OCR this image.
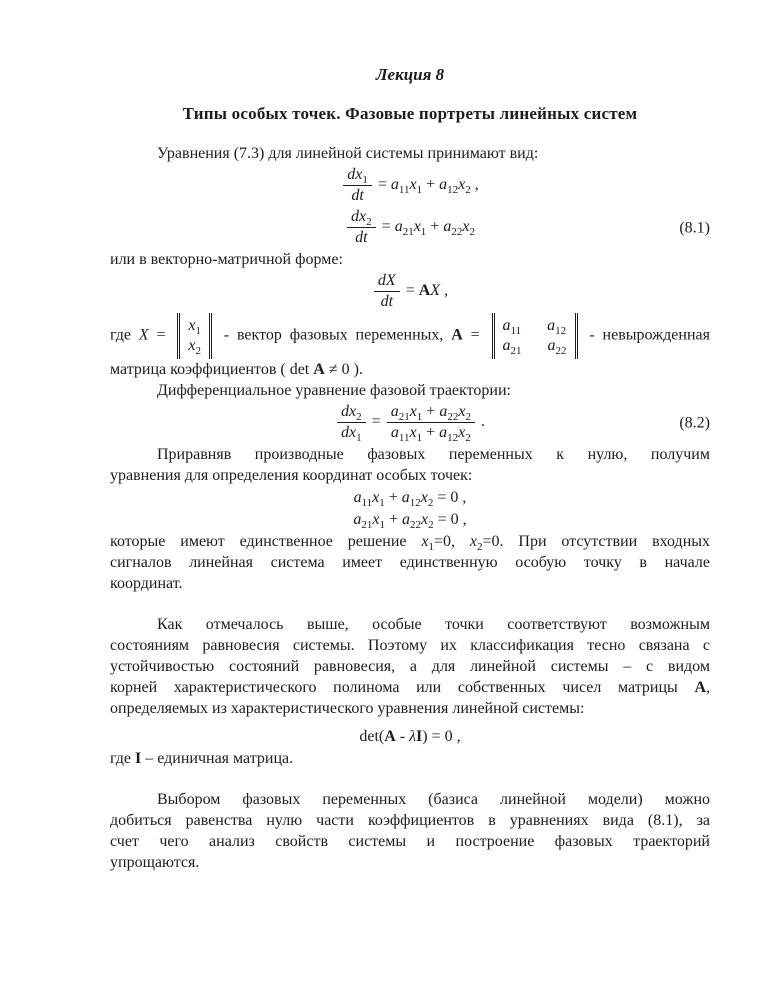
Лекция 8
Типы особых точек. Фазовые портреты линейных систем
Уравнения (7.3) для линейной системы принимают вид:
$\frac{dx_1}{dt} = a_{11}x_1 + a_{12}x_2$ ,
$\frac{dx_2}{dt} = a_{21}x_1 + a_{22}x_2$	(8.1)
или в векторно-матричной форме:
$\frac{dX}{dt}$ = AX ,
где X =
$x_1$
$x_2$
- вектор фазовых переменных, A =
$a_{11}$ $a_{12}$
$a_{21}$ $a_{22}$
- невырожденная
матрица коэффициентов ( det A ≠ 0 ).
Дифференциальное уравнение фазовой траектории:
$\frac{dx_2}{dx_1} = \frac{a_{21}x_1 + a_{22}x_2}{a_{11}x_1 + a_{12}x_2}$ .	(8.2)
Приравняв производные фазовых переменных к нулю, получим
уравнения для определения координат особых точек:
$a_{11}x_1 + a_{12}x_2 = 0$ ,
$a_{21}x_1 + a_{22}x_2 = 0$ ,
которые имеют единственное решение $x_1=0$, $x_2=0$. При отсутствии входных
сигналов линейная система имеет единственную особую точку в начале
координат.
Как отмечалось выше, особые точки соответствуют возможным
состояниям равновесия системы. Поэтому их классификация тесно связана с
устойчивостью состояний равновесия, а для линейной системы – с видом
корней характеристического полинома или собственных чисел матрицы A,
определяемых из характеристического уравнения линейной системы:
det(A - λI) = 0 ,
где I – единичная матрица.
Выбором фазовых переменных (базиса линейной модели) можно
добиться равенства нулю части коэффициентов в уравнениях вида (8.1), за
счет чего анализ свойств системы и построение фазовых траекторий
упрощаются.
